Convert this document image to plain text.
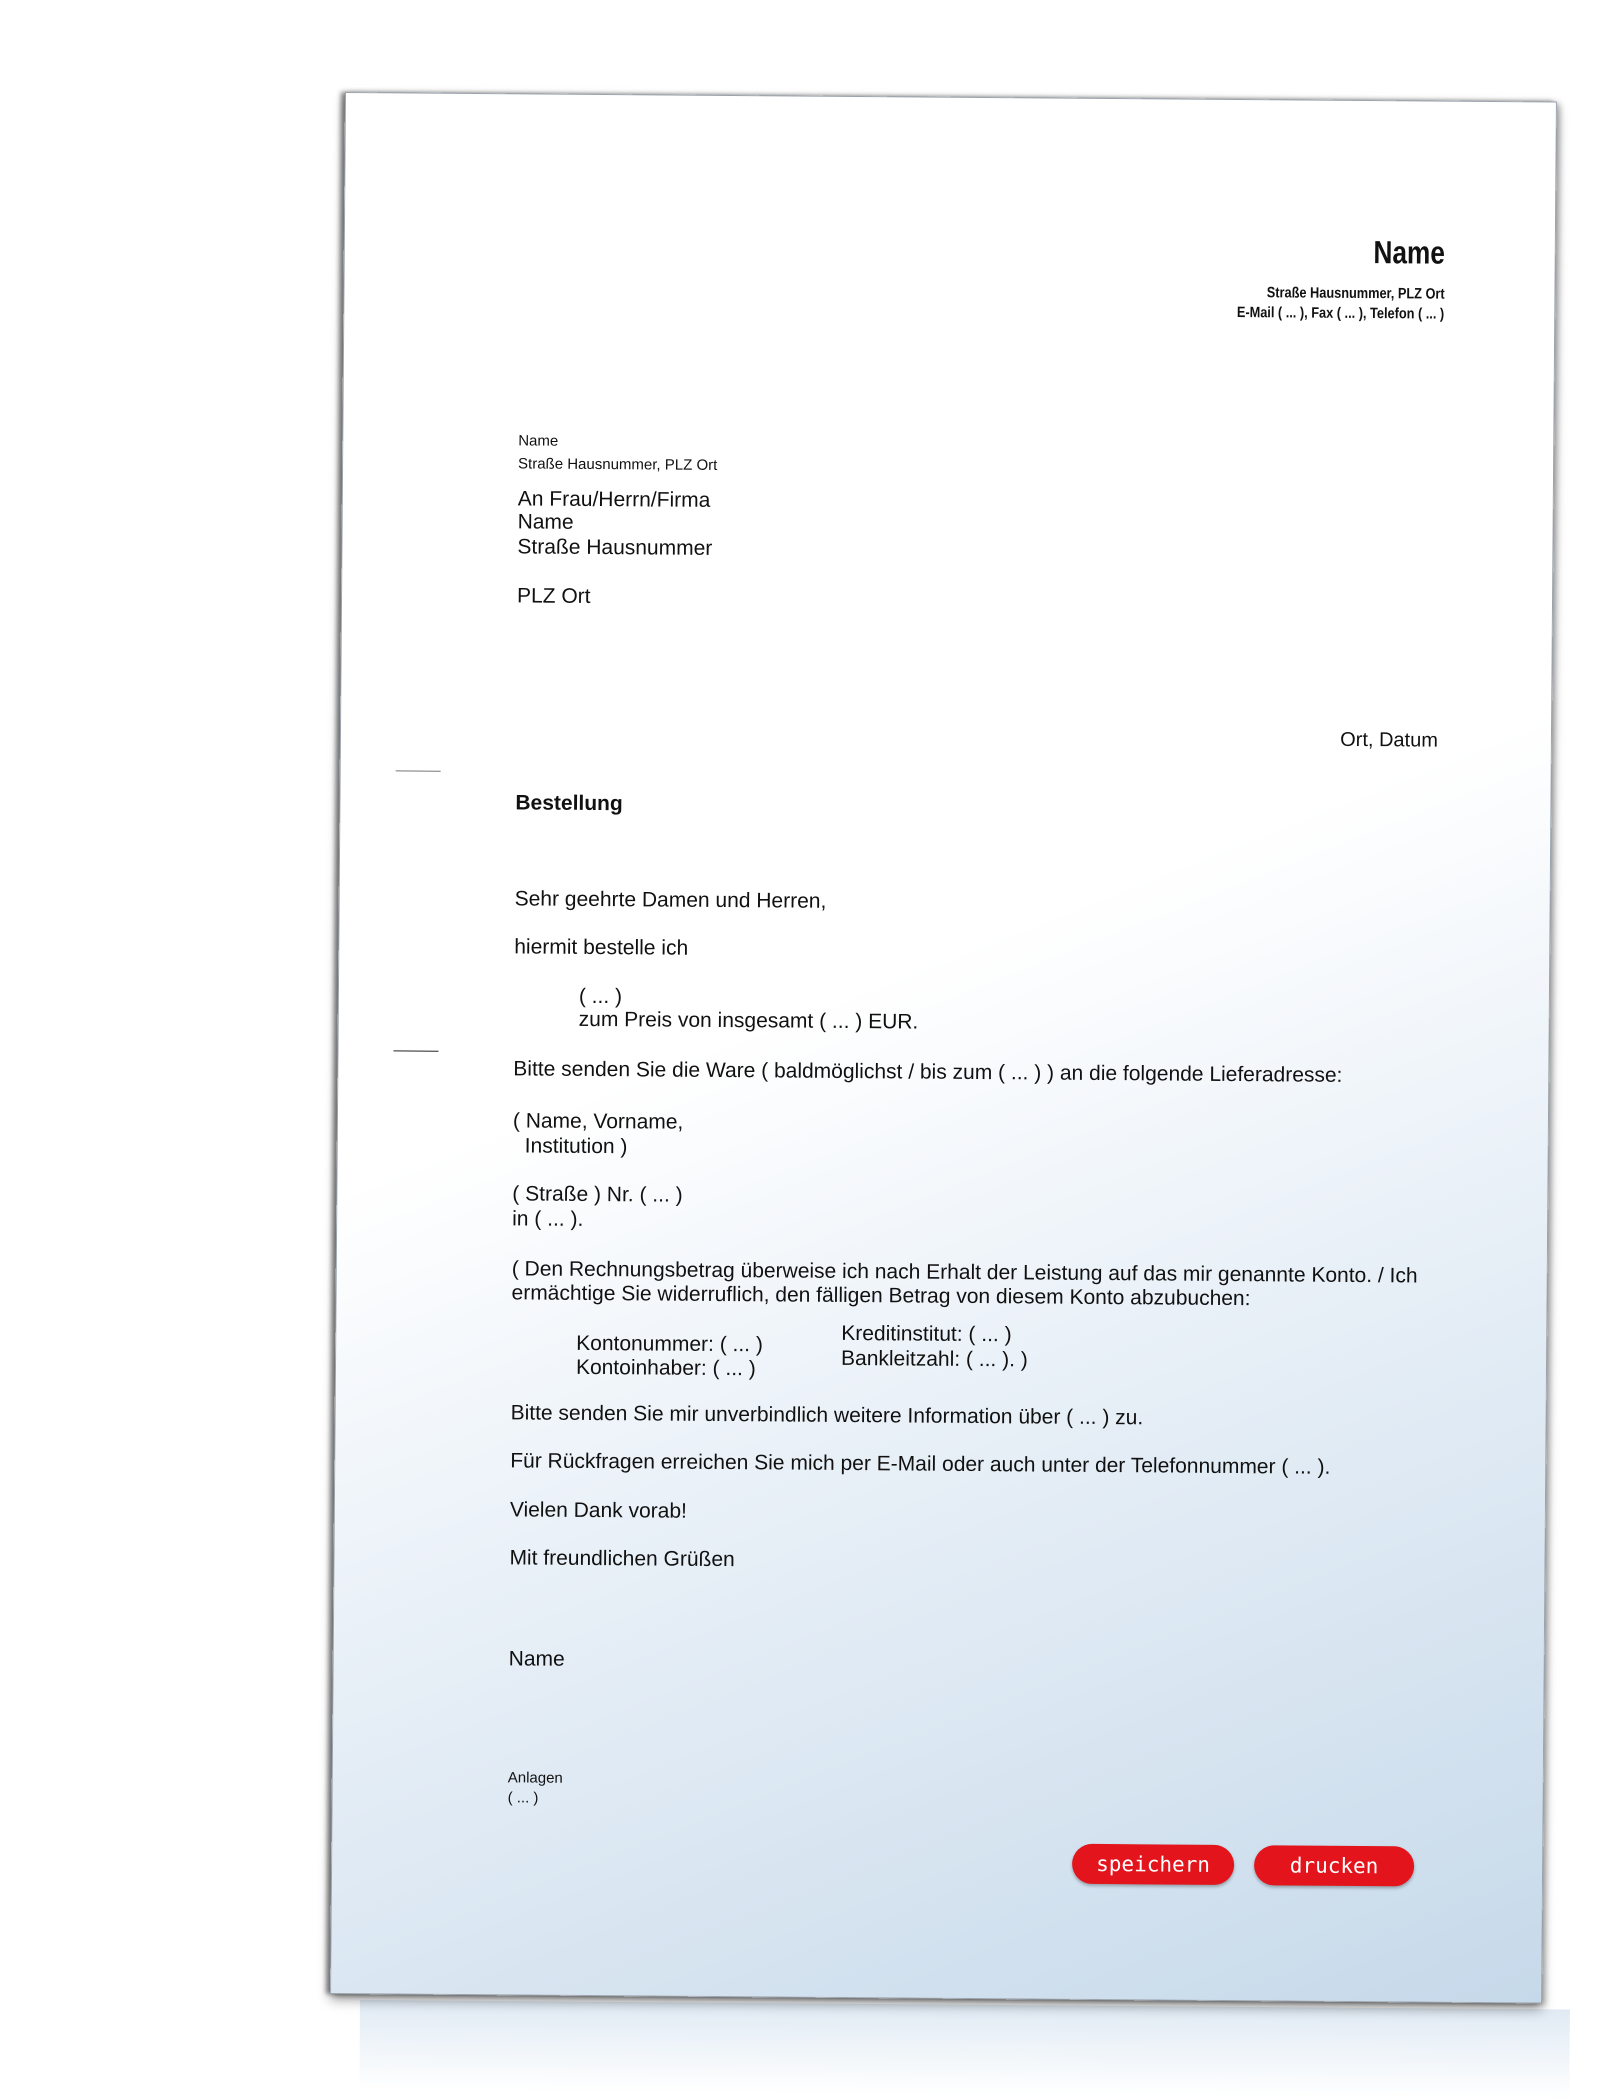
Name
Straße Hausnummer, PLZ Ort
E-Mail ( ... ), Fax ( ... ), Telefon ( ... )
Name
Straße Hausnummer, PLZ Ort
An Frau/Herrn/Firma
Name
Straße Hausnummer
PLZ Ort
Ort, Datum
Bestellung
Sehr geehrte Damen und Herren,
hiermit bestelle ich
( ... )
zum Preis von insgesamt ( ... ) EUR.
Bitte senden Sie die Ware ( baldmöglichst / bis zum ( ... ) ) an die folgende Lieferadresse:
( Name, Vorname,
Institution )
( Straße ) Nr. ( ... )
in ( ... ).
( Den Rechnungsbetrag überweise ich nach Erhalt der Leistung auf das mir genannte Konto. / Ich
ermächtige Sie widerruflich, den fälligen Betrag von diesem Konto abzubuchen:
Kontonummer: ( ... )
Kontoinhaber: ( ... )
Kreditinstitut: ( ... )
Bankleitzahl: ( ... ). )
Bitte senden Sie mir unverbindlich weitere Information über ( ... ) zu.
Für Rückfragen erreichen Sie mich per E-Mail oder auch unter der Telefonnummer ( ... ).
Vielen Dank vorab!
Mit freundlichen Grüßen
Name
Anlagen
( ... )
speichern	drucken
